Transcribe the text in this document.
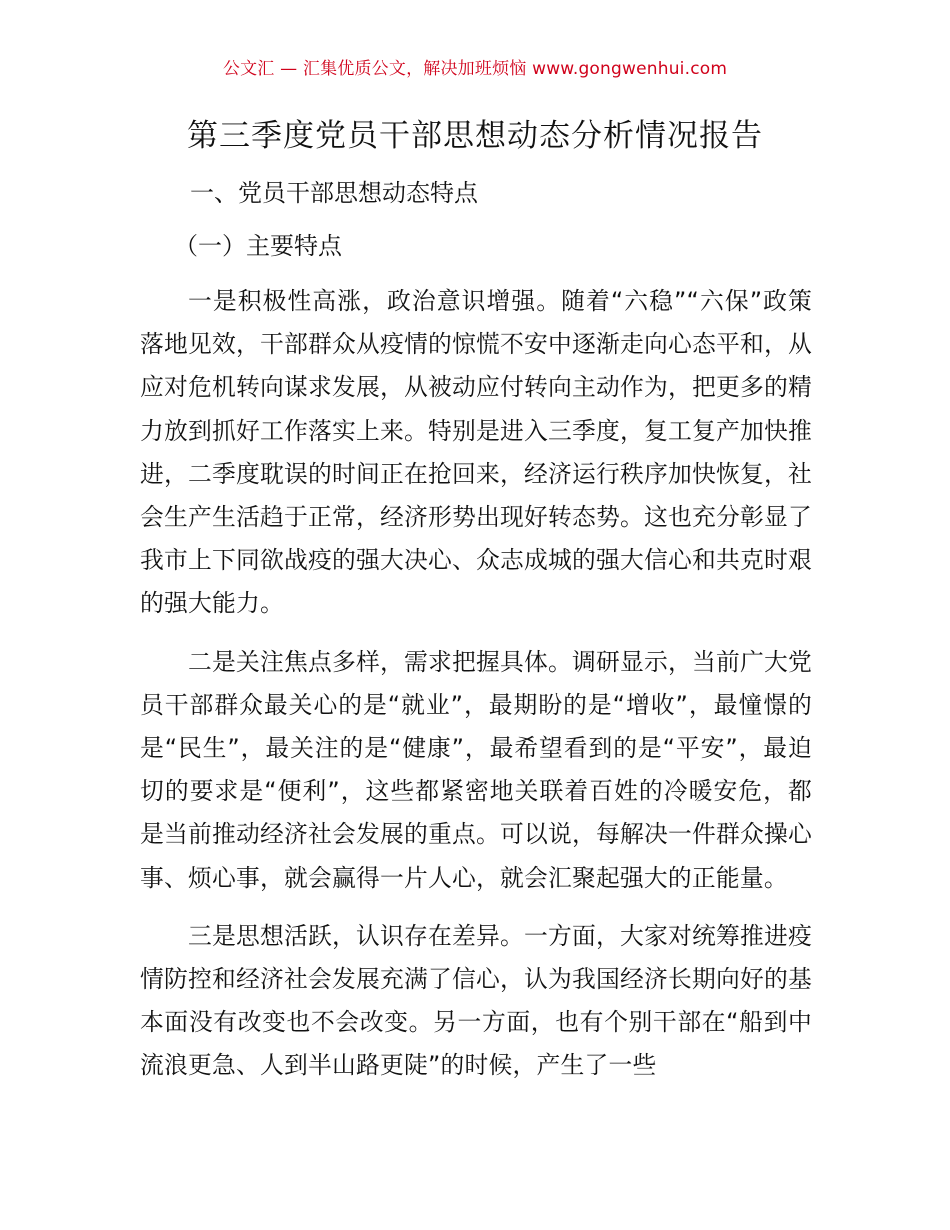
公文汇 — 汇集优质公文，解决加班烦恼 www.gongwenhui.com
第三季度党员干部思想动态分析情况报告
一、党员干部思想动态特点
（一）主要特点

一是积极性高涨，政治意识增强。随着“六稳”“六保”政策落地见效，干部群众从疫情的惊慌不安中逐渐走向心态平和，从应对危机转向谋求发展，从被动应付转向主动作为，把更多的精力放到抓好工作落实上来。特别是进入三季度，复工复产加快推进，二季度耽误的时间正在抢回来，经济运行秩序加快恢复，社会生产生活趋于正常，经济形势出现好转态势。这也充分彰显了我市上下同欲战疫的强大决心、众志成城的强大信心和共克时艰的强大能力。

二是关注焦点多样，需求把握具体。调研显示，当前广大党员干部群众最关心的是“就业”，最期盼的是“增收”，最憧憬的是“民生”，最关注的是“健康”，最希望看到的是“平安”，最迫切的要求是“便利”，这些都紧密地关联着百姓的冷暖安危，都是当前推动经济社会发展的重点。可以说，每解决一件群众操心事、烦心事，就会赢得一片人心，就会汇聚起强大的正能量。

三是思想活跃，认识存在差异。一方面，大家对统筹推进疫情防控和经济社会发展充满了信心，认为我国经济长期向好的基本面没有改变也不会改变。另一方面，也有个别干部在“船到中流浪更急、人到半山路更陡”的时候，产生了一些
